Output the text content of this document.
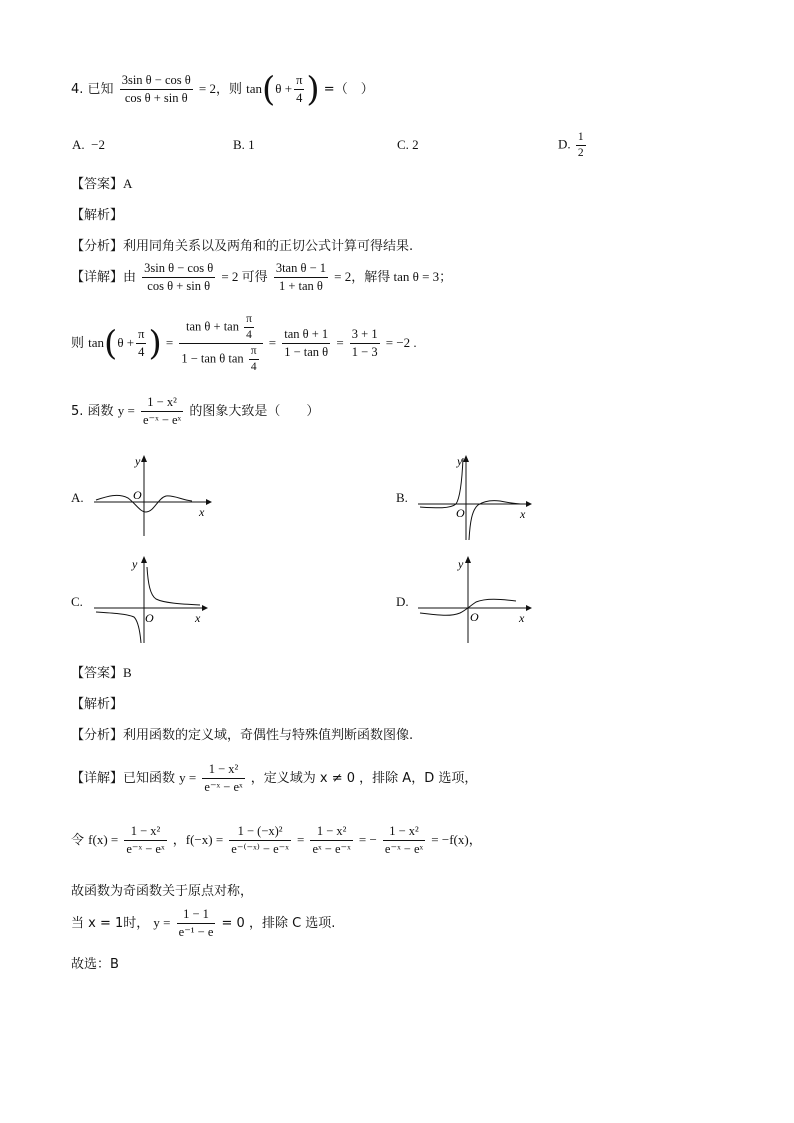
4. 已知 $\frac{\text{3sin θ − cos θ}}{\text{cos θ + sin θ}} = 2$，则 $\tan(\theta + \frac{\pi}{4}$ ) =（　）
A. −2	B. 1	C. 2	D. $\frac{1}{2}$
【答案】A
【解析】
【分析】利用同角关系以及两角和的正切公式计算可得结果.
【详解】由 $\frac{\text{3sin θ − cos θ}}{\text{cos θ + sin θ}} = 2$ 可得 $\frac{\text{3tan θ − 1}}{\text{1 + tan θ}} = 2$，解得 tan θ = 3；
则 $\tan(\theta + \frac{\pi}{4}$ ) = $\frac{\tan \theta + \tan \frac{\pi}{4}}{1 - \tan \theta \tan \frac{\pi}{4}} = \frac{\text{tan θ + 1}}{\text{1 − tan θ}} = \frac{3 + 1}{1 - 3} = -2$ .
5. 函数 $y = \frac{\text{1 − x²}}{\text{e⁻ˣ − eˣ}}$ 的图象大致是（　　）
A.
y
x
O	B.
y
x
O
C.
y
x
O
D.
y
x
O
【答案】B
【解析】
【分析】利用函数的定义域，奇偶性与特殊值判断函数图像.
【详解】已知函数 $y = \frac{\text{1 − x²}}{\text{e⁻ˣ − eˣ}}$ ，定义域为 x ≠ 0 ，排除 A，D 选项，
令 $f(x) = \frac{\text{1 − x²}}{\text{e⁻ˣ − eˣ}}$ ，$f(-x) = \frac{\text{1 − (−x)²}}{\text{e⁻⁽⁻ˣ⁾ − e⁻ˣ}} = \frac{\text{1 − x²}}{\text{eˣ − e⁻ˣ}}$ = − $\frac{\text{1 − x²}}{\text{e⁻ˣ − eˣ}} = -f(x)$，
故函数为奇函数关于原点对称，
当 x = 1时， $y = \frac{1 - 1}{\text{e⁻¹ − e}} = 0$ ，排除 C 选项.
故选：B
